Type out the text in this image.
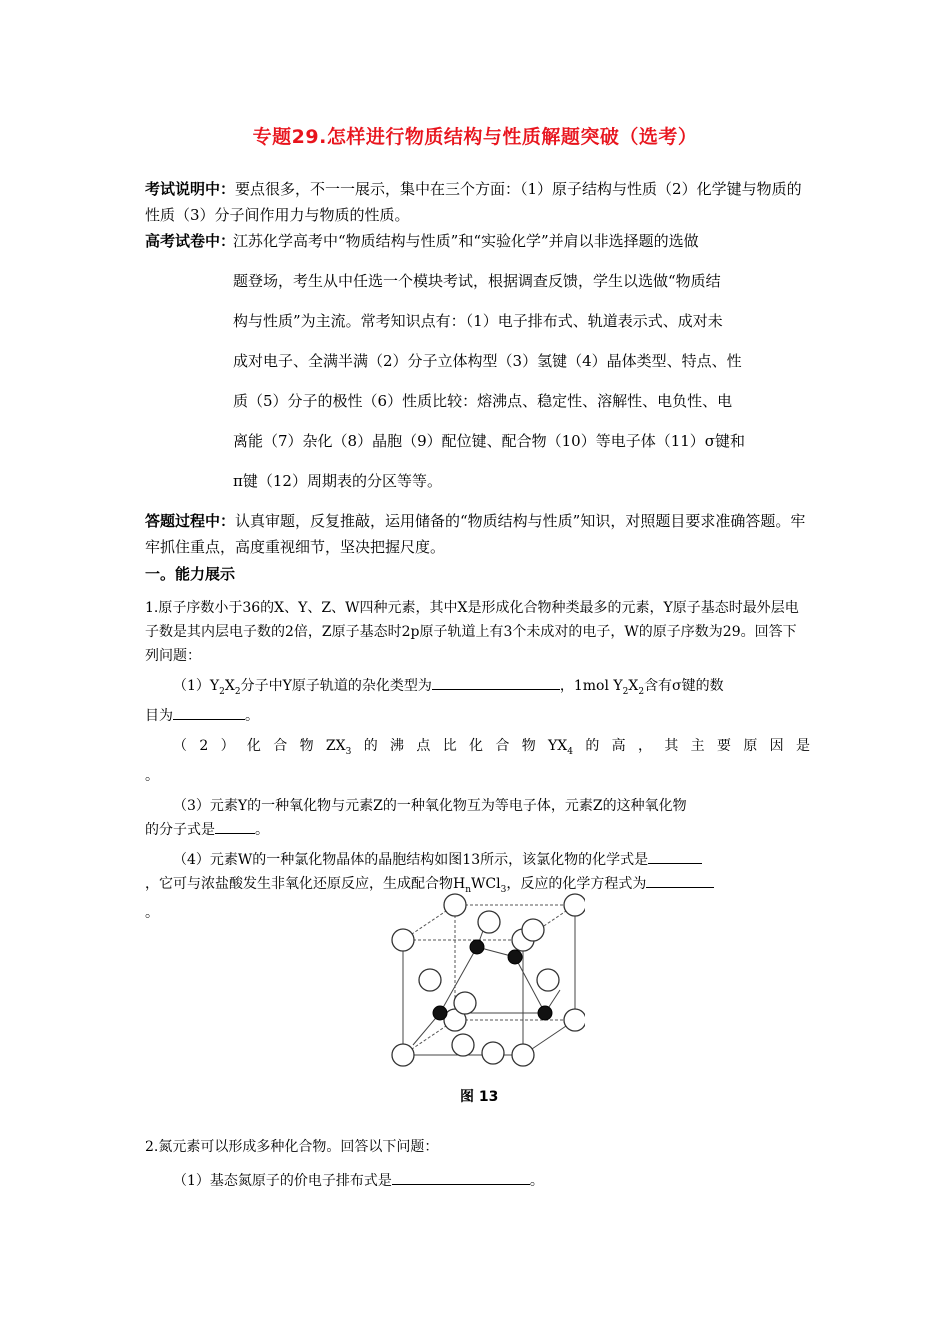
专题29.怎样进行物质结构与性质解题突破（选考）
考试说明中：要点很多，不一一展示，集中在三个方面：（1）原子结构与性质（2）化学键与物质的性质（3）分子间作用力与物质的性质。
高考试卷中：
江苏化学高考中“物质结构与性质”和“实验化学”并肩以非选择题的选做
题登场，考生从中任选一个模块考试，根据调查反馈，学生以选做“物质结
构与性质”为主流。常考知识点有：（1）电子排布式、轨道表示式、成对未
成对电子、全满半满（2）分子立体构型（3）氢键（4）晶体类型、特点、性
质（5）分子的极性（6）性质比较：熔沸点、稳定性、溶解性、电负性、电
离能（7）杂化（8）晶胞（9）配位键、配合物（10）等电子体（11）σ键和
π键（12）周期表的分区等等。
答题过程中：认真审题，反复推敲，运用储备的“物质结构与性质”知识，对照题目要求准确答题。牢牢抓住重点，高度重视细节，坚决把握尺度。
一。能力展示

1.原子序数小于36的X、Y、Z、W四种元素，其中X是形成化合物种类最多的元素，Y原子基态时最外层电子数是其内层电子数的2倍，Z原子基态时2p原子轨道上有3个未成对的电子，W的原子序数为29。回答下列问题：

$(1)Y_2X_2$分子中Y原子轨道的杂化类型为	，1mol $Y_2X_2$含有σ键的数

目为	。

（2）化合物$ZX_3$的沸点比化合物$YX_4$的高，其主要原因是

。

（3）元素Y的一种氧化物与元素Z的一种氧化物互为等电子体，元素Z的这种氧化物

的分子式是	。

（4）元素W的一种氯化物晶体的晶胞结构如图13所示，该氯化物的化学式是

，它可与浓盐酸发生非氧化还原反应，生成配合物$H_nWCl_3$，反应的化学方程式为

。

图 13

2.氮元素可以形成多种化合物。回答以下问题：

（1）基态氮原子的价电子排布式是	。
